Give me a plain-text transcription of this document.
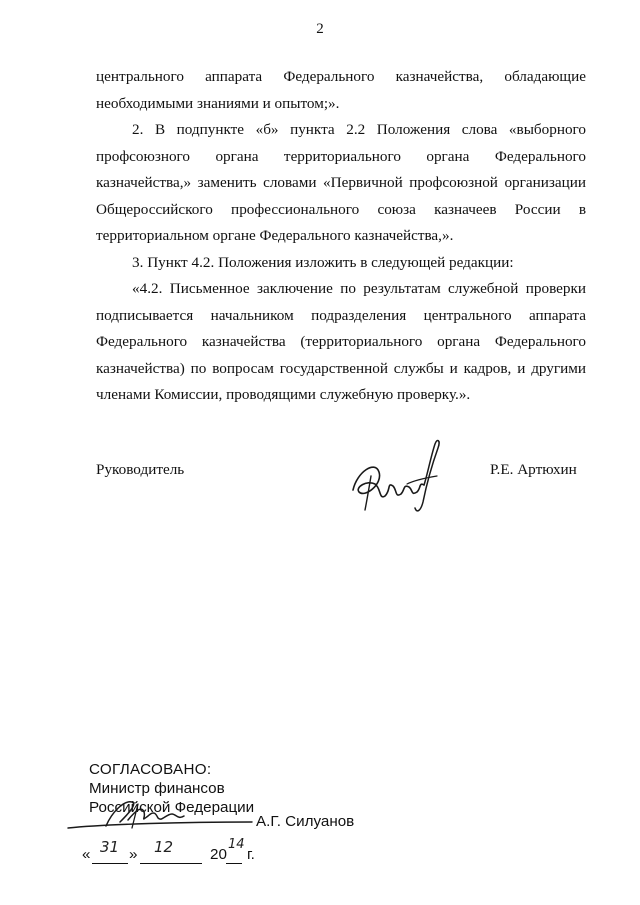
2
центрального аппарата Федерального казначейства, обладающие необходимыми знаниями и опытом;».
2. В подпункте «б» пункта 2.2 Положения слова «выборного профсоюзного органа территориального органа Федерального казначейства,» заменить словами «Первичной профсоюзной организации Общероссийского профессионального союза казначеев России в территориальном органе Федерального казначейства,».
3. Пункт 4.2. Положения изложить в следующей редакции:
«4.2. Письменное заключение по результатам служебной проверки подписывается начальником подразделения центрального аппарата Федерального казначейства (территориального органа Федерального казначейства) по вопросам государственной службы и кадров, и другими членами Комиссии, проводящими служебную проверку.».
Руководитель	Р.Е. Артюхин
СОГЛАСОВАНО:
Министр финансов
Российской Федерации
А.Г. Силуанов
« 31 » 12 20
14
г.
